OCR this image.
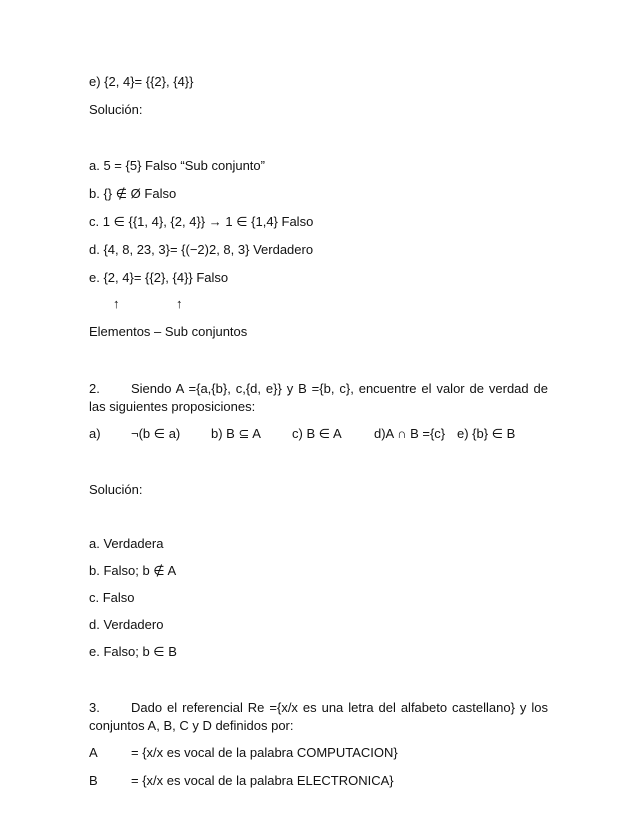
e) {2, 4}= {{2}, {4}}
Solución:
a. 5 = {5} Falso “Sub conjunto”
b. {} ∉ Ø Falso
c. 1 ∈ {{1, 4}, {2, 4}} → 1 ∈ {1,4} Falso
d. {4, 8, 23, 3}= {(−2)2, 8, 3} Verdadero
e. {2, 4}= {{2}, {4}} Falso
↑	↑
Elementos – Sub conjuntos
2.	Siendo A ={a,{b}, c,{d, e}} y B ={b, c}, encuentre el valor de verdad de las siguientes proposiciones:
a) ¬(b ∈ a) b) B ⊆ A c) B ∈ A d)A ∩ B ={c} e) {b} ∈ B
Solución:
a. Verdadera
b. Falso; b ∉ A
c. Falso
d. Verdadero
e. Falso; b ∈ B
3.	Dado el referencial Re ={x/x es una letra del alfabeto castellano} y los conjuntos A, B, C y D definidos por:
A	= {x/x es vocal de la palabra COMPUTACION}
B	= {x/x es vocal de la palabra ELECTRONICA}
